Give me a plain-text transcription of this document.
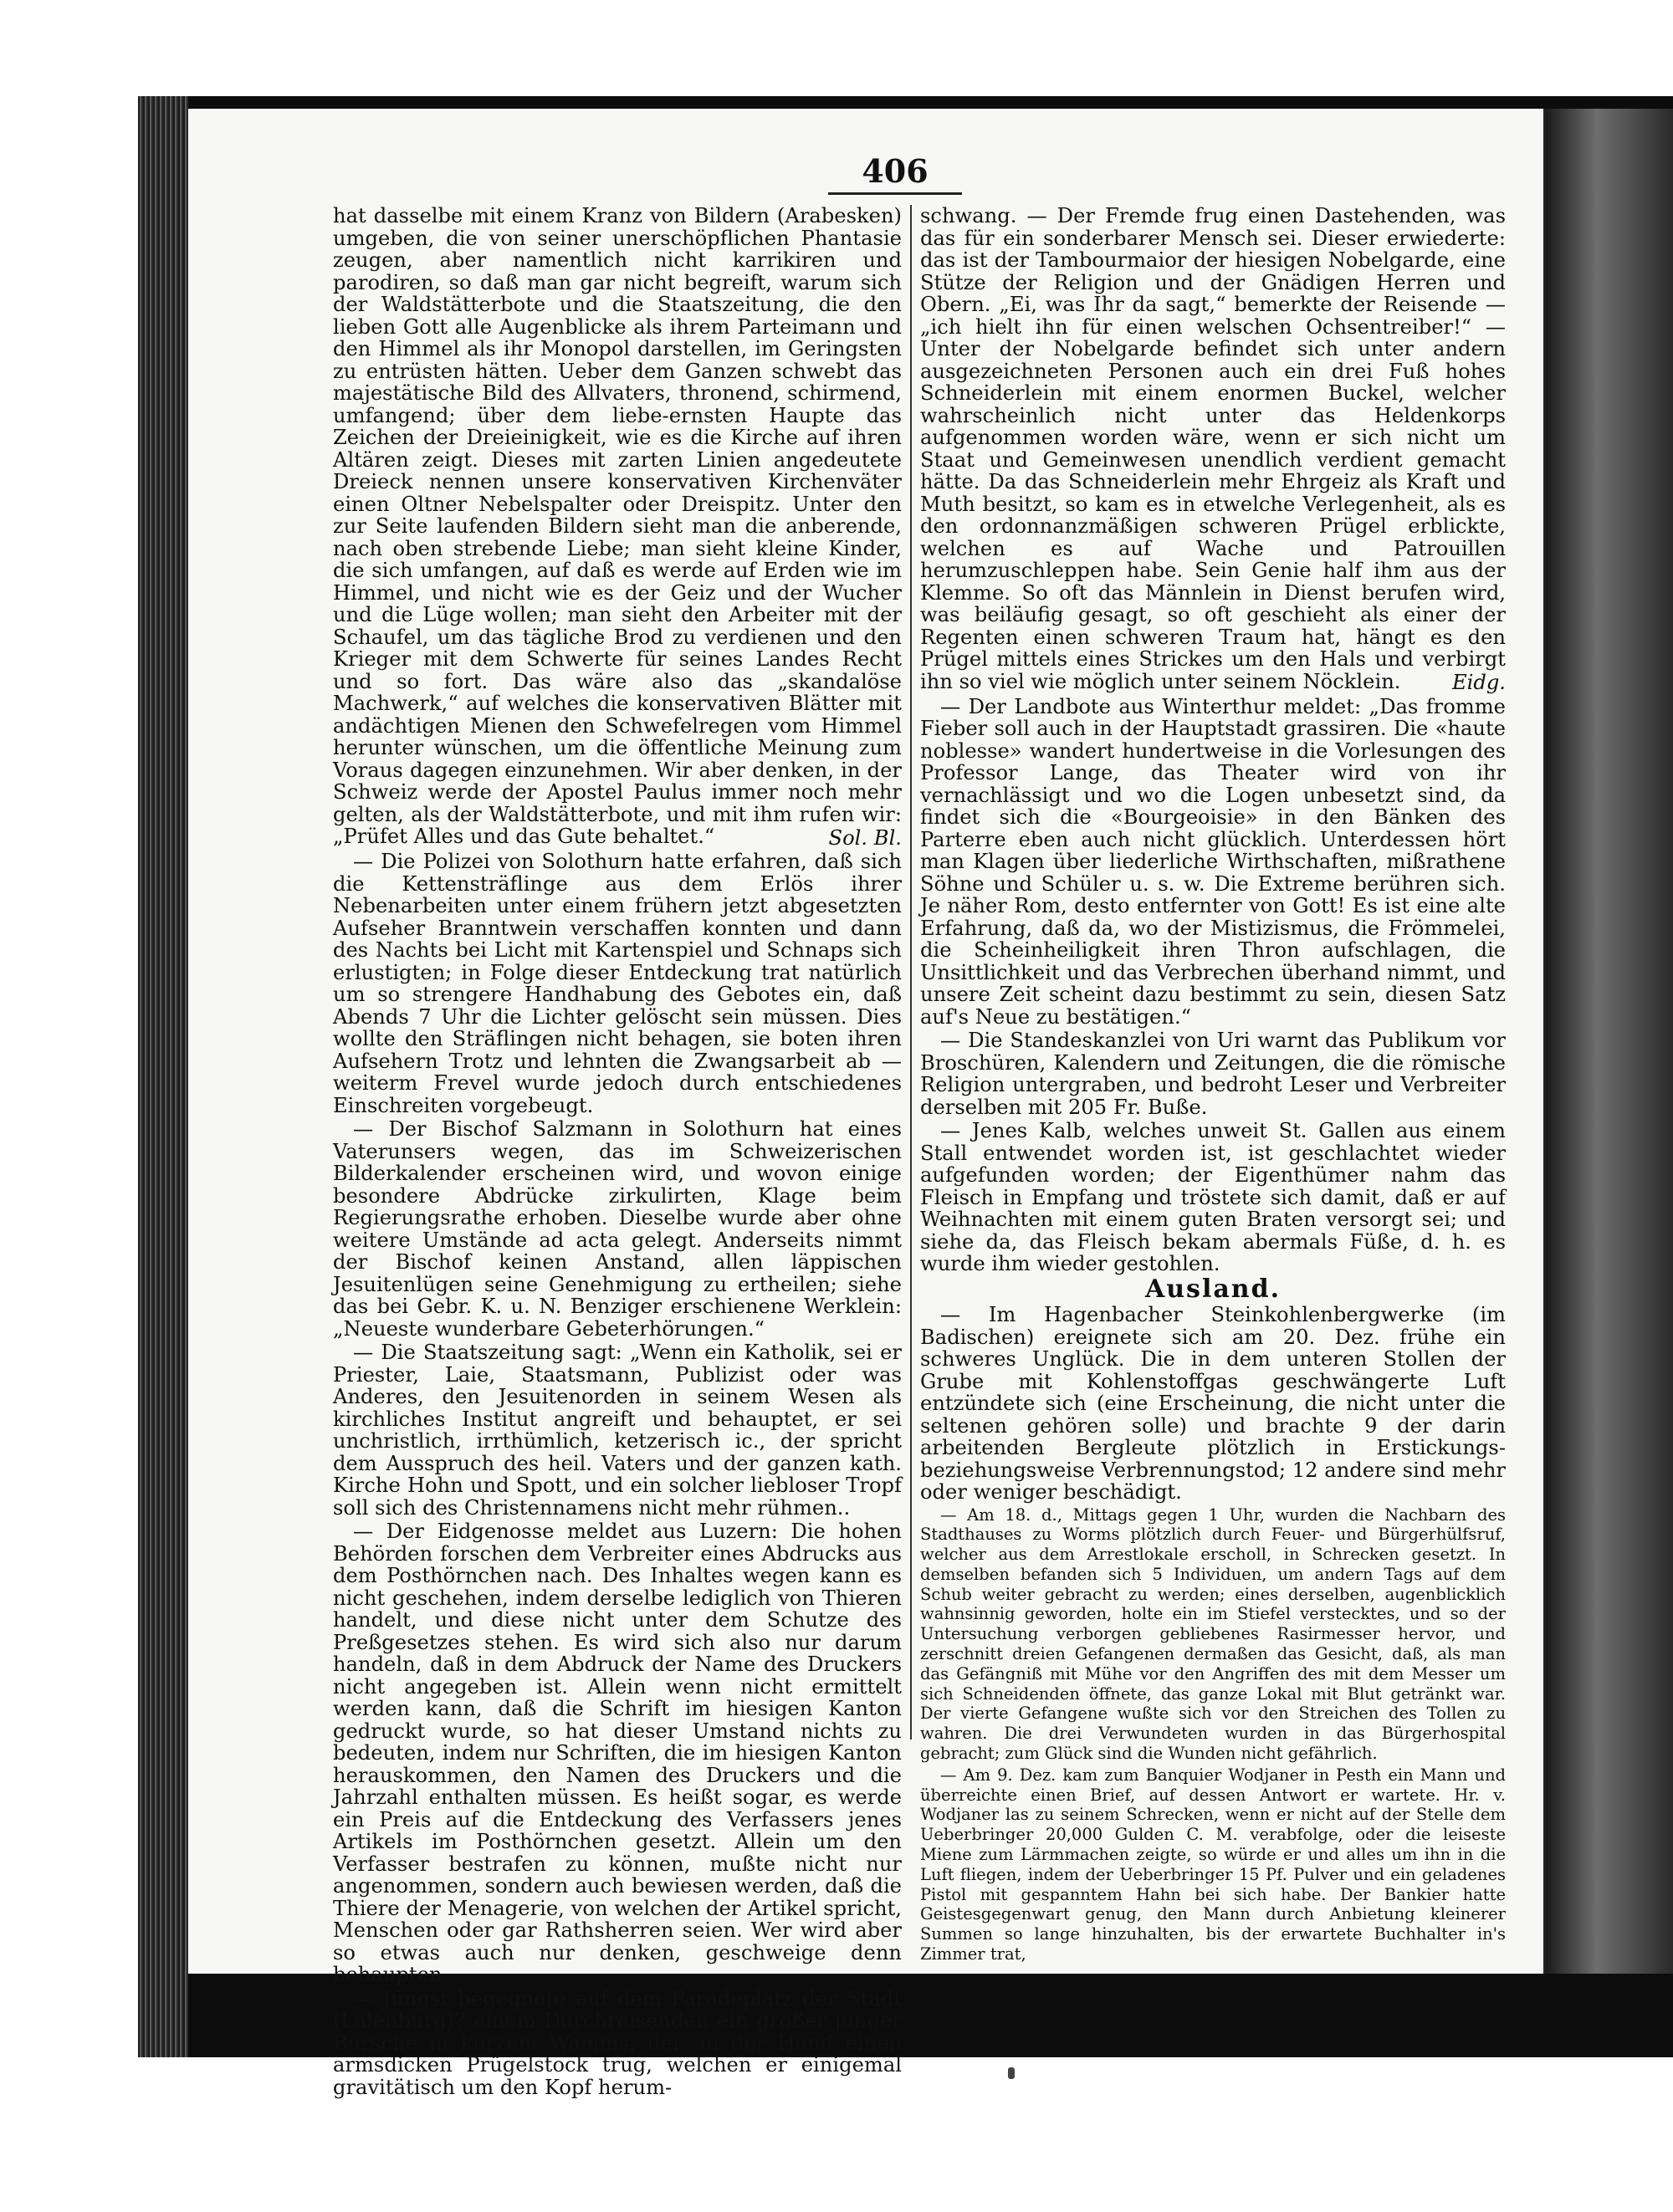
406

hat dasselbe mit einem Kranz von Bildern (Arabesken) umgeben, die von seiner unerschöpflichen Phantasie zeugen, aber namentlich nicht karrikiren und parodiren, so daß man gar nicht begreift, warum sich der Waldstätterbote und die Staatszeitung, die den lieben Gott alle Augenblicke als ihrem Parteimann und den Himmel als ihr Monopol darstellen, im Geringsten zu entrüsten hätten. Ueber dem Ganzen schwebt das majestätische Bild des Allvaters, thronend, schirmend, umfangend; über dem liebe-ernsten Haupte das Zeichen der Dreieinigkeit, wie es die Kirche auf ihren Altären zeigt. Dieses mit zarten Linien angedeutete Dreieck nennen unsere konservativen Kirchenväter einen Oltner Nebelspalter oder Dreispitz. Unter den zur Seite laufenden Bildern sieht man die anberende, nach oben strebende Liebe; man sieht kleine Kinder, die sich umfangen, auf daß es werde auf Erden wie im Himmel, und nicht wie es der Geiz und der Wucher und die Lüge wollen; man sieht den Arbeiter mit der Schaufel, um das tägliche Brod zu verdienen und den Krieger mit dem Schwerte für seines Landes Recht und so fort. Das wäre also das „skandalöse Machwerk,“ auf welches die konservativen Blätter mit andächtigen Mienen den Schwefelregen vom Himmel herunter wünschen, um die öffentliche Meinung zum Voraus dagegen einzunehmen. Wir aber denken, in der Schweiz werde der Apostel Paulus immer noch mehr gelten, als der Waldstätterbote, und mit ihm rufen wir: „Prüfet Alles und das Gute behaltet.“	Sol. Bl.

— Die Polizei von Solothurn hatte erfahren, daß sich die Kettensträflinge aus dem Erlös ihrer Nebenarbeiten unter einem frühern jetzt abgesetzten Aufseher Branntwein verschaffen konnten und dann des Nachts bei Licht mit Kartenspiel und Schnaps sich erlustigten; in Folge dieser Entdeckung trat natürlich um so strengere Handhabung des Gebotes ein, daß Abends 7 Uhr die Lichter gelöscht sein müssen. Dies wollte den Sträflingen nicht behagen, sie boten ihren Aufsehern Trotz und lehnten die Zwangsarbeit ab — weiterm Frevel wurde jedoch durch entschiedenes Einschreiten vorgebeugt.

— Der Bischof Salzmann in Solothurn hat eines Vaterunsers wegen, das im Schweizerischen Bilderkalender erscheinen wird, und wovon einige besondere Abdrücke zirkulirten, Klage beim Regierungsrathe erhoben. Dieselbe wurde aber ohne weitere Umstände ad acta gelegt. Anderseits nimmt der Bischof keinen Anstand, allen läppischen Jesuitenlügen seine Genehmigung zu ertheilen; siehe das bei Gebr. K. u. N. Benziger erschienene Werklein: „Neueste wunderbare Gebeterhörungen.“

— Die Staatszeitung sagt: „Wenn ein Katholik, sei er Priester, Laie, Staatsmann, Publizist oder was Anderes, den Jesuitenorden in seinem Wesen als kirchliches Institut angreift und behauptet, er sei unchristlich, irrthümlich, ketzerisch ic., der spricht dem Ausspruch des heil. Vaters und der ganzen kath. Kirche Hohn und Spott, und ein solcher liebloser Tropf soll sich des Christennamens nicht mehr rühmen..

— Der Eidgenosse meldet aus Luzern: Die hohen Behörden forschen dem Verbreiter eines Abdrucks aus dem Posthörnchen nach. Des Inhaltes wegen kann es nicht geschehen, indem derselbe lediglich von Thieren handelt, und diese nicht unter dem Schutze des Preßgesetzes stehen. Es wird sich also nur darum handeln, daß in dem Abdruck der Name des Druckers nicht angegeben ist. Allein wenn nicht ermittelt werden kann, daß die Schrift im hiesigen Kanton gedruckt wurde, so hat dieser Umstand nichts zu bedeuten, indem nur Schriften, die im hiesigen Kanton herauskommen, den Namen des Druckers und die Jahrzahl enthalten müssen. Es heißt sogar, es werde ein Preis auf die Entdeckung des Verfassers jenes Artikels im Posthörnchen gesetzt. Allein um den Verfasser bestrafen zu können, mußte nicht nur angenommen, sondern auch bewiesen werden, daß die Thiere der Menagerie, von welchen der Artikel spricht, Menschen oder gar Rathsherren seien. Wer wird aber so etwas auch nur denken, geschweige denn behaupten.

— Jüngst begegnete auf dem Paradeplatz der Stadt (Lalenburg)? einem Durchreisenden ein großer junger Bursche in kurzem Wamms, der an der Hand einen armsdicken Prügelstock trug, welchen er einigemal gravitätisch um den Kopf herum-

schwang. — Der Fremde frug einen Dastehenden, was das für ein sonderbarer Mensch sei. Dieser erwiederte: das ist der Tambourmaior der hiesigen Nobelgarde, eine Stütze der Religion und der Gnädigen Herren und Obern. „Ei, was Ihr da sagt,“ bemerkte der Reisende — „ich hielt ihn für einen welschen Ochsentreiber!“ — Unter der Nobelgarde befindet sich unter andern ausgezeichneten Personen auch ein drei Fuß hohes Schneiderlein mit einem enormen Buckel, welcher wahrscheinlich nicht unter das Heldenkorps aufgenommen worden wäre, wenn er sich nicht um Staat und Gemeinwesen unendlich verdient gemacht hätte. Da das Schneiderlein mehr Ehrgeiz als Kraft und Muth besitzt, so kam es in etwelche Verlegenheit, als es den ordonnanzmäßigen schweren Prügel erblickte, welchen es auf Wache und Patrouillen herumzuschleppen habe. Sein Genie half ihm aus der Klemme. So oft das Männlein in Dienst berufen wird, was beiläufig gesagt, so oft geschieht als einer der Regenten einen schweren Traum hat, hängt es den Prügel mittels eines Strickes um den Hals und verbirgt ihn so viel wie möglich unter seinem Nöcklein.	Eidg.

— Der Landbote aus Winterthur meldet: „Das fromme Fieber soll auch in der Hauptstadt grassiren. Die «haute noblesse» wandert hundertweise in die Vorlesungen des Professor Lange, das Theater wird von ihr vernachlässigt und wo die Logen unbesetzt sind, da findet sich die «Bourgeoisie» in den Bänken des Parterre eben auch nicht glücklich. Unterdessen hört man Klagen über liederliche Wirthschaften, mißrathene Söhne und Schüler u. s. w. Die Extreme berühren sich. Je näher Rom, desto entfernter von Gott! Es ist eine alte Erfahrung, daß da, wo der Mistizismus, die Frömmelei, die Scheinheiligkeit ihren Thron aufschlagen, die Unsittlichkeit und das Verbrechen überhand nimmt, und unsere Zeit scheint dazu bestimmt zu sein, diesen Satz auf's Neue zu bestätigen.“

— Die Standeskanzlei von Uri warnt das Publikum vor Broschüren, Kalendern und Zeitungen, die die römische Religion untergraben, und bedroht Leser und Verbreiter derselben mit 205 Fr. Buße.

— Jenes Kalb, welches unweit St. Gallen aus einem Stall entwendet worden ist, ist geschlachtet wieder aufgefunden worden; der Eigenthümer nahm das Fleisch in Empfang und tröstete sich damit, daß er auf Weihnachten mit einem guten Braten versorgt sei; und siehe da, das Fleisch bekam abermals Füße, d. h. es wurde ihm wieder gestohlen.

Ausland.

— Im Hagenbacher Steinkohlenbergwerke (im Badischen) ereignete sich am 20. Dez. frühe ein schweres Unglück. Die in dem unteren Stollen der Grube mit Kohlenstoffgas geschwängerte Luft entzündete sich (eine Erscheinung, die nicht unter die seltenen gehören solle) und brachte 9 der darin arbeitenden Bergleute plötzlich in Erstickungs- beziehungsweise Verbrennungstod; 12 andere sind mehr oder weniger beschädigt.

— Am 18. d., Mittags gegen 1 Uhr, wurden die Nachbarn des Stadthauses zu Worms plötzlich durch Feuer- und Bürgerhülfsruf, welcher aus dem Arrestlokale erscholl, in Schrecken gesetzt. In demselben befanden sich 5 Individuen, um andern Tags auf dem Schub weiter gebracht zu werden; eines derselben, augenblicklich wahnsinnig geworden, holte ein im Stiefel verstecktes, und so der Untersuchung verborgen gebliebenes Rasirmesser hervor, und zerschnitt dreien Gefangenen dermaßen das Gesicht, daß, als man das Gefängniß mit Mühe vor den Angriffen des mit dem Messer um sich Schneidenden öffnete, das ganze Lokal mit Blut getränkt war. Der vierte Gefangene wußte sich vor den Streichen des Tollen zu wahren. Die drei Verwundeten wurden in das Bürgerhospital gebracht; zum Glück sind die Wunden nicht gefährlich.

— Am 9. Dez. kam zum Banquier Wodjaner in Pesth ein Mann und überreichte einen Brief, auf dessen Antwort er wartete. Hr. v. Wodjaner las zu seinem Schrecken, wenn er nicht auf der Stelle dem Ueberbringer 20,000 Gulden C. M. verabfolge, oder die leiseste Miene zum Lärmmachen zeigte, so würde er und alles um ihn in die Luft fliegen, indem der Ueberbringer 15 Pf. Pulver und ein geladenes Pistol mit gespanntem Hahn bei sich habe. Der Bankier hatte Geistesgegenwart genug, den Mann durch Anbietung kleinerer Summen so lange hinzuhalten, bis der erwartete Buchhalter in's Zimmer trat,
